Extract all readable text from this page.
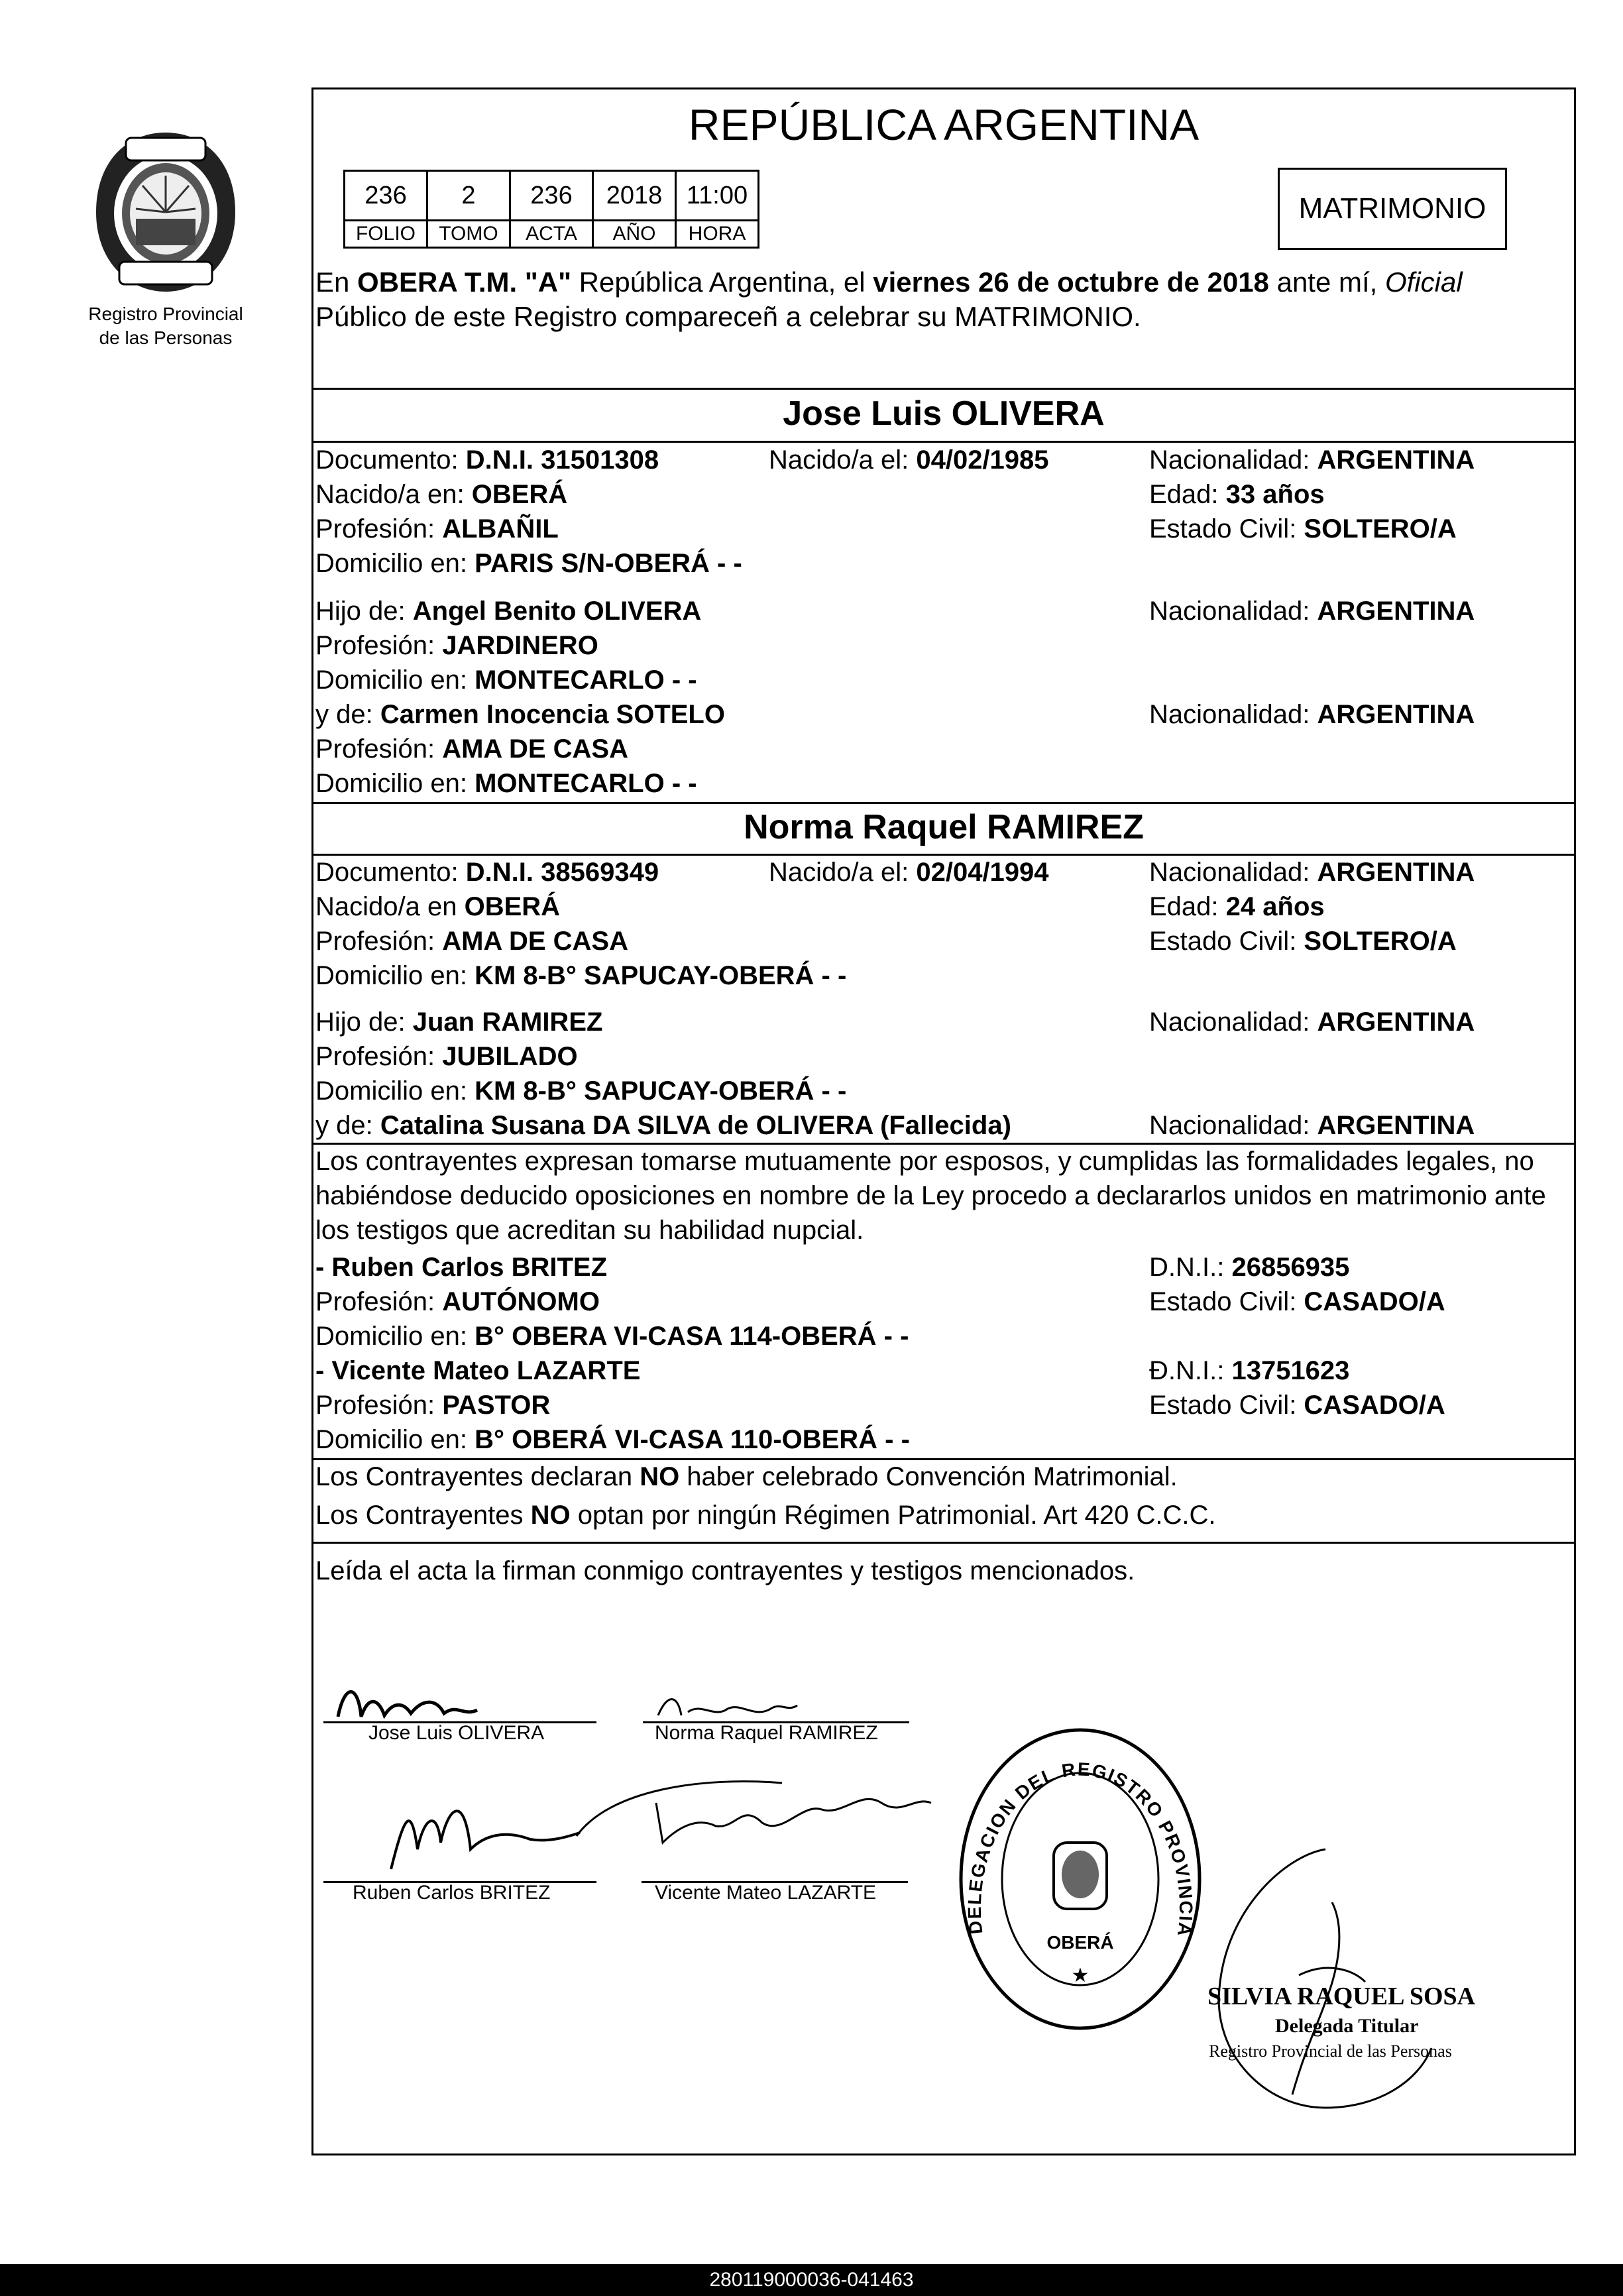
Registro Provincial
de las Personas
REPÚBLICA ARGENTINA
236	2	236	2018	11:00
FOLIO	TOMO	ACTA	AÑO	HORA
MATRIMONIO
En OBERA T.M. "A" República Argentina, el viernes 26 de octubre de 2018 ante mí, Oficial
Público de este Registro compareceñ a celebrar su MATRIMONIO.
Jose Luis OLIVERA
Documento: D.N.I. 31501308	Nacido/a el: 04/02/1985	Nacionalidad: ARGENTINA
Nacido/a en: OBERÁ	Edad: 33 años
Profesión: ALBAÑIL	Estado Civil: SOLTERO/A
Domicilio en: PARIS S/N-OBERÁ - -
Hijo de: Angel Benito OLIVERA	Nacionalidad: ARGENTINA
Profesión: JARDINERO
Domicilio en: MONTECARLO - -
y de: Carmen Inocencia SOTELO	Nacionalidad: ARGENTINA
Profesión: AMA DE CASA
Domicilio en: MONTECARLO - -
Norma Raquel RAMIREZ
Documento: D.N.I. 38569349	Nacido/a el: 02/04/1994	Nacionalidad: ARGENTINA
Nacido/a en OBERÁ	Edad: 24 años
Profesión: AMA DE CASA	Estado Civil: SOLTERO/A
Domicilio en: KM 8-B° SAPUCAY-OBERÁ - -
Hijo de: Juan RAMIREZ	Nacionalidad: ARGENTINA
Profesión: JUBILADO
Domicilio en: KM 8-B° SAPUCAY-OBERÁ - -
y de: Catalina Susana DA SILVA de OLIVERA (Fallecida)	Nacionalidad: ARGENTINA
Los contrayentes expresan tomarse mutuamente por esposos, y cumplidas las formalidades legales, no
habiéndose deducido oposiciones en nombre de la Ley procedo a declararlos unidos en matrimonio ante
los testigos que acreditan su habilidad nupcial.
- Ruben Carlos BRITEZ	D.N.I.: 26856935
Profesión: AUTÓNOMO	Estado Civil: CASADO/A
Domicilio en: B° OBERA VI-CASA 114-OBERÁ - -
- Vicente Mateo LAZARTE	Ð.N.I.: 13751623
Profesión: PASTOR	Estado Civil: CASADO/A
Domicilio en: B° OBERÁ VI-CASA 110-OBERÁ - -
Los Contrayentes declaran NO haber celebrado Convención Matrimonial.
Los Contrayentes NO optan por ningún Régimen Patrimonial. Art 420 C.C.C.
Leída el acta la firman conmigo contrayentes y testigos mencionados.
Jose Luis OLIVERA	Norma Raquel RAMIREZ
Ruben Carlos BRITEZ	Vicente Mateo LAZARTE
DELEGACION DEL REGISTRO PROVINCIA
OBERÁ
★
SILVIA RAQUEL SOSA
Delegada Titular
Registro Provincial de las Personas
280119000036-041463
